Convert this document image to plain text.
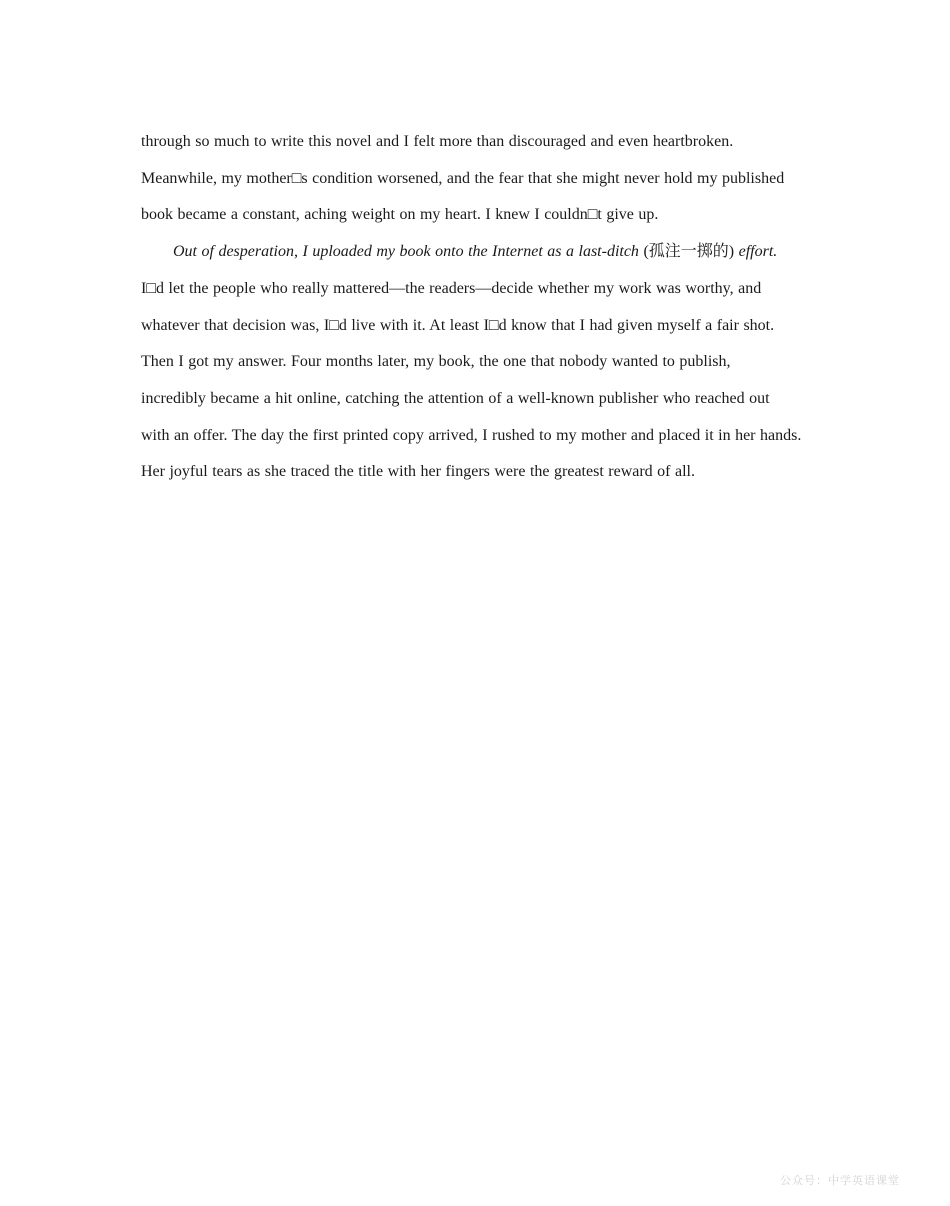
through so much to write this novel and I felt more than discouraged and even heartbroken.
Meanwhile, my mother□s condition worsened, and the fear that she might never hold my published
book became a constant, aching weight on my heart. I knew I couldn□t give up.
Out of desperation, I uploaded my book onto the Internet as a last-ditch (孤注一掷的) effort.
I□d let the people who really mattered—the readers—decide whether my work was worthy, and
whatever that decision was, I□d live with it. At least I□d know that I had given myself a fair shot.
Then I got my answer. Four months later, my book, the one that nobody wanted to publish,
incredibly became a hit online, catching the attention of a well-known publisher who reached out
with an offer. The day the first printed copy arrived, I rushed to my mother and placed it in her hands.
Her joyful tears as she traced the title with her fingers were the greatest reward of all.
公众号：中学英语课堂
